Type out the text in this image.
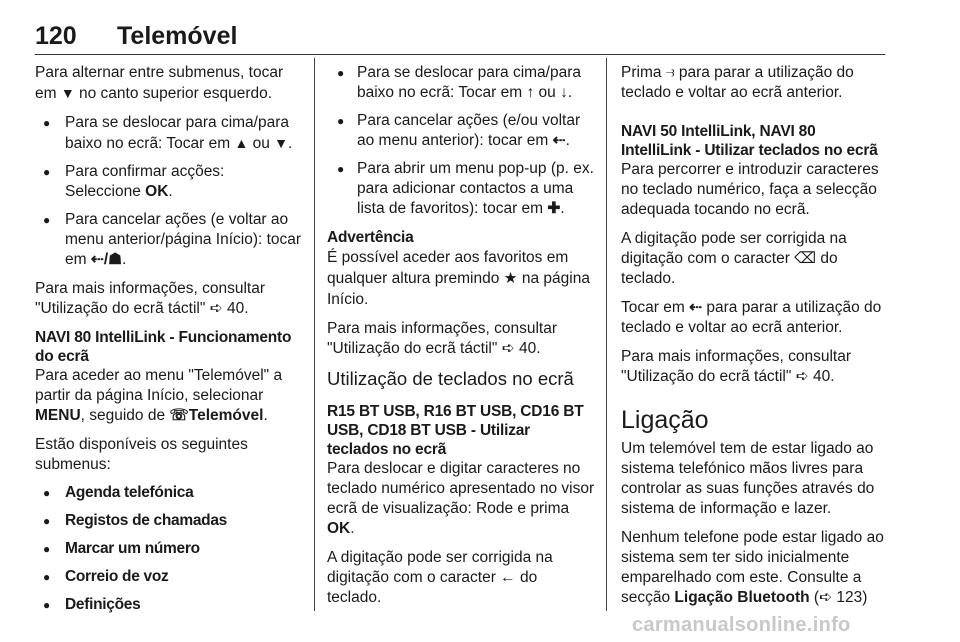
120 Telemóvel

Para alternar entre submenus, tocar em ▼ no canto superior esquerdo.

● Para se deslocar para cima/para baixo no ecrã: Tocar em ▲ ou ▼.
● Para confirmar acções: Seleccione OK.
● Para cancelar ações (e voltar ao menu anterior/página Início): tocar em ⇠/☗.

Para mais informações, consultar "Utilização do ecrã táctil" ➪ 40.

NAVI 80 IntelliLink - Funcionamento do ecrã

Para aceder ao menu "Telemóvel" a partir da página Início, selecionar MENU, seguido de ☏Telemóvel.

Estão disponíveis os seguintes submenus:

● Agenda telefónica
● Registos de chamadas
● Marcar um número
● Correio de voz
● Definições
● Para se deslocar para cima/para baixo no ecrã: Tocar em ↑ ou ↓.
● Para cancelar ações (e/ou voltar ao menu anterior): tocar em ⇠.
● Para abrir um menu pop-up (p. ex. para adicionar contactos a uma lista de favoritos): tocar em ✚.
Advertência

É possível aceder aos favoritos em qualquer altura premindo ★ na página Início.

Para mais informações, consultar "Utilização do ecrã táctil" ➪ 40.

Utilização de teclados no ecrã
R15 BT USB, R16 BT USB, CD16 BT USB, CD18 BT USB - Utilizar teclados no ecrã

Para deslocar e digitar caracteres no teclado numérico apresentado no visor ecrã de visualização: Rode e prima OK.

A digitação pode ser corrigida na digitação com o caracter ← do teclado.

Prima ⥽ para parar a utilização do teclado e voltar ao ecrã anterior.

NAVI 50 IntelliLink, NAVI 80 IntelliLink - Utilizar teclados no ecrã

Para percorrer e introduzir caracteres no teclado numérico, faça a selecção adequada tocando no ecrã.

A digitação pode ser corrigida na digitação com o caracter ⌫ do teclado.

Tocar em ⇠ para parar a utilização do teclado e voltar ao ecrã anterior.

Para mais informações, consultar "Utilização do ecrã táctil" ➪ 40.

Ligação

Um telemóvel tem de estar ligado ao sistema telefónico mãos livres para controlar as suas funções através do sistema de informação e lazer.

Nenhum telefone pode estar ligado ao sistema sem ter sido inicialmente emparelhado com este. Consulte a secção Ligação Bluetooth (➪ 123)

carmanualsonline.info
